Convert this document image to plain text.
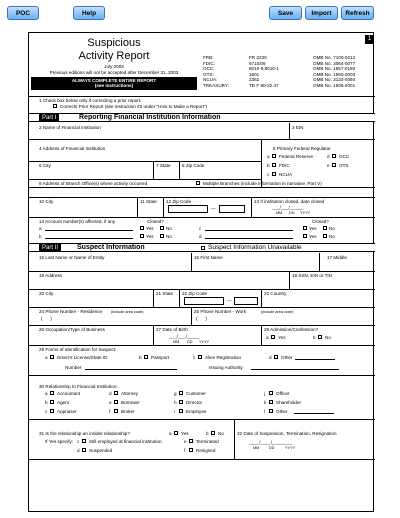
POC	Help	Save	Import	Refresh
Suspicious
Activity Report
July 2003
Previous editions will not be accepted after December 31, 2003
ALWAYS COMPLETE ENTIRE REPORT
(see instructions)
1
FRB:	FR 2230	OMB No. 7100-0212
FDIC:	6710/06	OMB No. 3064-0077
OCC:	8010-9,8010-1	OMB No. 1557-0180
OTS:	1601	OMB No. 1550-0003
NCUA:	2362	OMB No. 3133-0094
TREASURY:	TD F 90-22.47	OMB No. 1506-0001
1 Check box below only if correcting a prior report.
Corrects Prior Report (see instruction #3 under "How to Make a Report")
Part I	Reporting Financial Institution Information
2 Name of Financial Institution	3 EIN
4 Address of Financial Institution	5 Primary Federal Regulator
a Federal Reserve	d OCC
b FDIC	e OTS
c NCUA
6 City	7 State 8 Zip Code
9 Address of Branch Office(s) where activity occurred	Multiple Branches (include information in narrative, Part V)
10 City	11 State 12 Zip Code	13 If institution closed, date closed
—	___/___/_____
MM DD YYYY
14 Account number(s) affected, if any	Closed?	Closed?
a	Yes	No	c	Yes	No
b	Yes	No	d	Yes	No
Part II	Suspect Information	Suspect Information Unavailable
15 Last Name or Name of Entity	16 First Name	17 Middle
18 Address	19 SSN, EIN or TIN
20 City	21 State 22 Zip Code
—
23 Country
24 Phone Number - Residence (include area code)
(      )
25 Phone Number - Work	(include area code)
(      )
26 Occupation/Type of Business	27 Date of Birth
___/___/_____
MM DD YYYY
28 Admission/Confession?
a Yes	b No
29 Forms of Identification for Suspect:
a Driver's License/State ID	b Passport	c Alien Registration	d Other
Number	Issuing Authority
30 Relationship to Financial Institution:
a Accountant	d Attorney	g Customer	j Officer
b Agent	e Borrower	h Director	k Shareholder
c Appraiser	f Broker	i Employee	l Other
31 Is the relationship an insider relationship?	a Yes	b No
If Yes specify: c Still employed at financial institution	e Terminated
d Suspended	f Resigned
32 Date of Suspension, Termination, Resignation
____/____/________
MM	DD	YYYY
